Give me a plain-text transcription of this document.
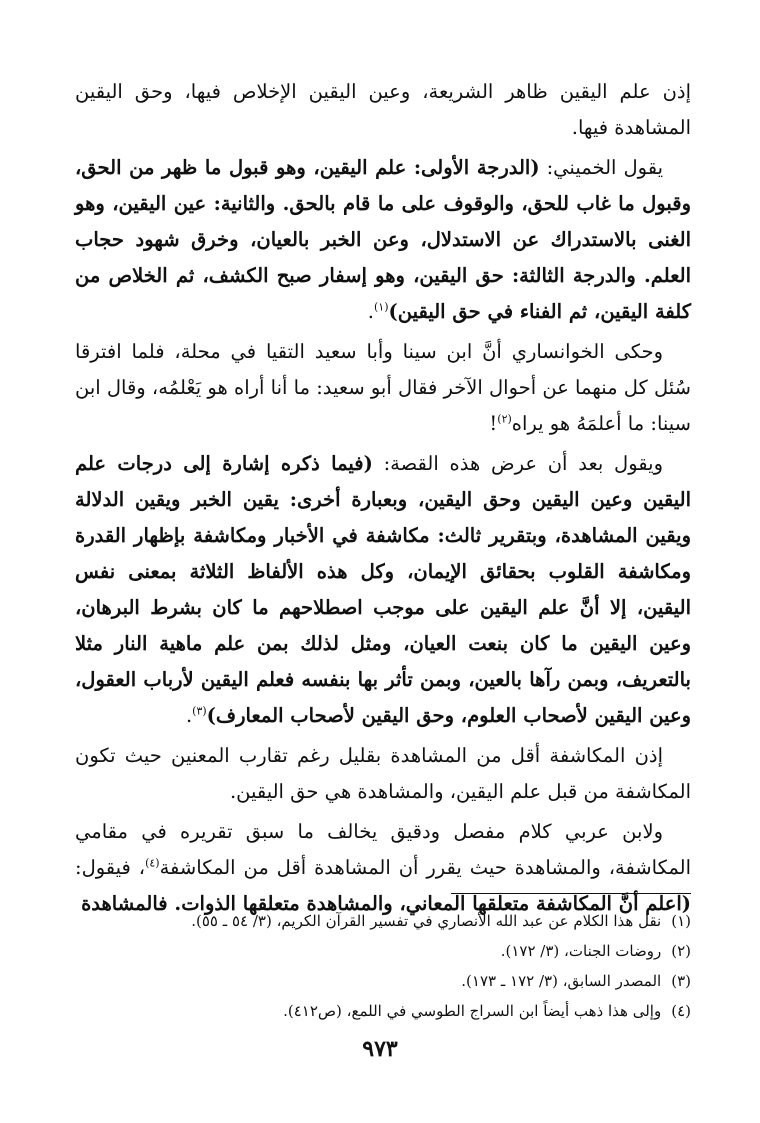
إذن علم اليقين ظاهر الشريعة، وعين اليقين الإخلاص فيها، وحق اليقين المشاهدة فيها.

يقول الخميني: (الدرجة الأولى: علم اليقين، وهو قبول ما ظهر من الحق، وقبول ما غاب للحق، والوقوف على ما قام بالحق. والثانية: عين اليقين، وهو الغنى بالاستدراك عن الاستدلال، وعن الخبر بالعيان، وخرق شهود حجاب العلم. والدرجة الثالثة: حق اليقين، وهو إسفار صبح الكشف، ثم الخلاص من كلفة اليقين، ثم الفناء في حق اليقين)$^{(١)}$.

وحكى الخوانساري أنَّ ابن سينا وأبا سعيد التقيا في محلة، فلما افترقا سُئل كل منهما عن أحوال الآخر فقال أبو سعيد: ما أنا أراه هو يَعْلمُه، وقال ابن سينا: ما أعلمَهُ هو يراه$^{(٢)}$!

ويقول بعد أن عرض هذه القصة: (فيما ذكره إشارة إلى درجات علم اليقين وعين اليقين وحق اليقين، وبعبارة أخرى: يقين الخبر ويقين الدلالة ويقين المشاهدة، وبتقرير ثالث: مكاشفة في الأخبار ومكاشفة بإظهار القدرة ومكاشفة القلوب بحقائق الإيمان، وكل هذه الألفاظ الثلاثة بمعنى نفس اليقين، إلا أنَّ علم اليقين على موجب اصطلاحهم ما كان بشرط البرهان، وعين اليقين ما كان بنعت العيان، ومثل لذلك بمن علم ماهية النار مثلا بالتعريف، وبمن رآها بالعين، وبمن تأثر بها بنفسه فعلم اليقين لأرباب العقول، وعين اليقين لأصحاب العلوم، وحق اليقين لأصحاب المعارف)$^{(٣)}$.

إذن المكاشفة أقل من المشاهدة بقليل رغم تقارب المعنين حيث تكون المكاشفة من قبل علم اليقين، والمشاهدة هي حق اليقين.

ولابن عربي كلام مفصل ودقيق يخالف ما سبق تقريره في مقامي المكاشفة، والمشاهدة حيث يقرر أن المشاهدة أقل من المكاشفة$^{(٤)}$، فيقول: (اعلم أنَّ المكاشفة متعلقها المعاني، والمشاهدة متعلقها الذوات. فالمشاهدة

(١)نقل هذا الكلام عن عبد الله الأنصاري في تفسير القرآن الكريم، (٣/ ٥٤ ـ ٥٥).

(٢)روضات الجنات، (٣/ ١٧٢).

(٣)المصدر السابق، (٣/ ١٧٢ ـ ١٧٣).

(٤)وإلى هذا ذهب أيضاً ابن السراج الطوسي في اللمع، (ص٤١٢).

٩٧٣
